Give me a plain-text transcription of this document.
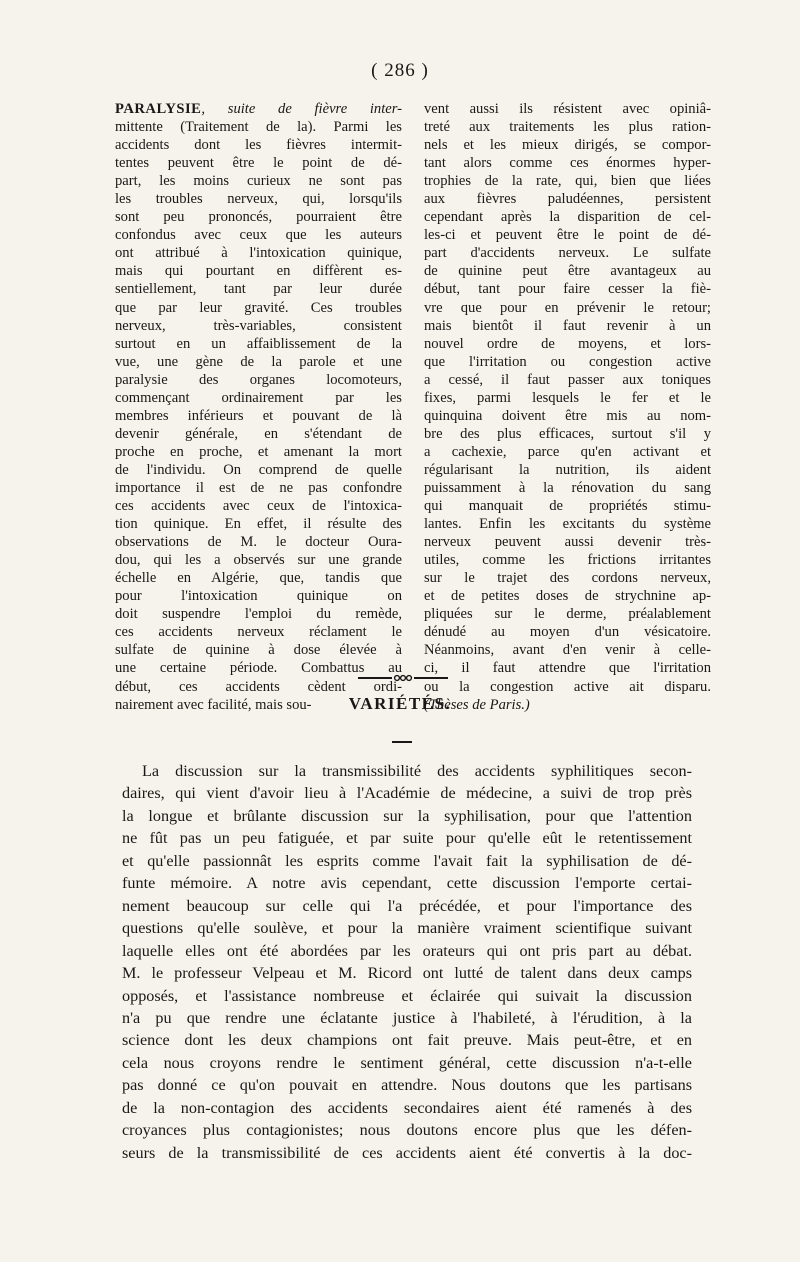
( 286 )
PARALYSIE, suite de fièvre inter-
mittente (Traitement de la). Parmi les
accidents dont les fièvres intermit-
tentes peuvent être le point de dé-
part, les moins curieux ne sont pas
les troubles nerveux, qui, lorsqu'ils
sont peu prononcés, pourraient être
confondus avec ceux que les auteurs
ont attribué à l'intoxication quinique,
mais qui pourtant en diffèrent es-
sentiellement, tant par leur durée
que par leur gravité. Ces troubles
nerveux, très-variables, consistent
surtout en un affaiblissement de la
vue, une gène de la parole et une
paralysie des organes locomoteurs,
commençant ordinairement par les
membres inférieurs et pouvant de là
devenir générale, en s'étendant de
proche en proche, et amenant la mort
de l'individu. On comprend de quelle
importance il est de ne pas confondre
ces accidents avec ceux de l'intoxica-
tion quinique. En effet, il résulte des
observations de M. le docteur Oura-
dou, qui les a observés sur une grande
échelle en Algérie, que, tandis que
pour l'intoxication quinique on
doit suspendre l'emploi du remède,
ces accidents nerveux réclament le
sulfate de quinine à dose élevée à
une certaine période. Combattus au
début, ces accidents cèdent ordi-
nairement avec facilité, mais sou-
vent aussi ils résistent avec opiniâ-
treté aux traitements les plus ration-
nels et les mieux dirigés, se compor-
tant alors comme ces énormes hyper-
trophies de la rate, qui, bien que liées
aux fièvres paludéennes, persistent
cependant après la disparition de cel-
les-ci et peuvent être le point de dé-
part d'accidents nerveux. Le sulfate
de quinine peut être avantageux au
début, tant pour faire cesser la fiè-
vre que pour en prévenir le retour;
mais bientôt il faut revenir à un
nouvel ordre de moyens, et lors-
que l'irritation ou congestion active
a cessé, il faut passer aux toniques
fixes, parmi lesquels le fer et le
quinquina doivent être mis au nom-
bre des plus efficaces, surtout s'il y
a cachexie, parce qu'en activant et
régularisant la nutrition, ils aident
puissamment à la rénovation du sang
qui manquait de propriétés stimu-
lantes. Enfin les excitants du système
nerveux peuvent aussi devenir très-
utiles, comme les frictions irritantes
sur le trajet des cordons nerveux,
et de petites doses de strychnine ap-
pliquées sur le derme, préalablement
dénudé au moyen d'un vésicatoire.
Néanmoins, avant d'en venir à celle-
ci, il faut attendre que l'irritation
ou la congestion active ait disparu.
(Thèses de Paris.)
VARIÉTÉS.
La discussion sur la transmissibilité des accidents syphilitiques secon-
daires, qui vient d'avoir lieu à l'Académie de médecine, a suivi de trop près
la longue et brûlante discussion sur la syphilisation, pour que l'attention
ne fût pas un peu fatiguée, et par suite pour qu'elle eût le retentissement
et qu'elle passionnât les esprits comme l'avait fait la syphilisation de dé-
funte mémoire. A notre avis cependant, cette discussion l'emporte certai-
nement beaucoup sur celle qui l'a précédée, et pour l'importance des
questions qu'elle soulève, et pour la manière vraiment scientifique suivant
laquelle elles ont été abordées par les orateurs qui ont pris part au débat.
M. le professeur Velpeau et M. Ricord ont lutté de talent dans deux camps
opposés, et l'assistance nombreuse et éclairée qui suivait la discussion
n'a pu que rendre une éclatante justice à l'habileté, à l'érudition, à la
science dont les deux champions ont fait preuve. Mais peut-être, et en
cela nous croyons rendre le sentiment général, cette discussion n'a-t-elle
pas donné ce qu'on pouvait en attendre. Nous doutons que les partisans
de la non-contagion des accidents secondaires aient été ramenés à des
croyances plus contagionistes; nous doutons encore plus que les défen-
seurs de la transmissibilité de ces accidents aient été convertis à la doc-
